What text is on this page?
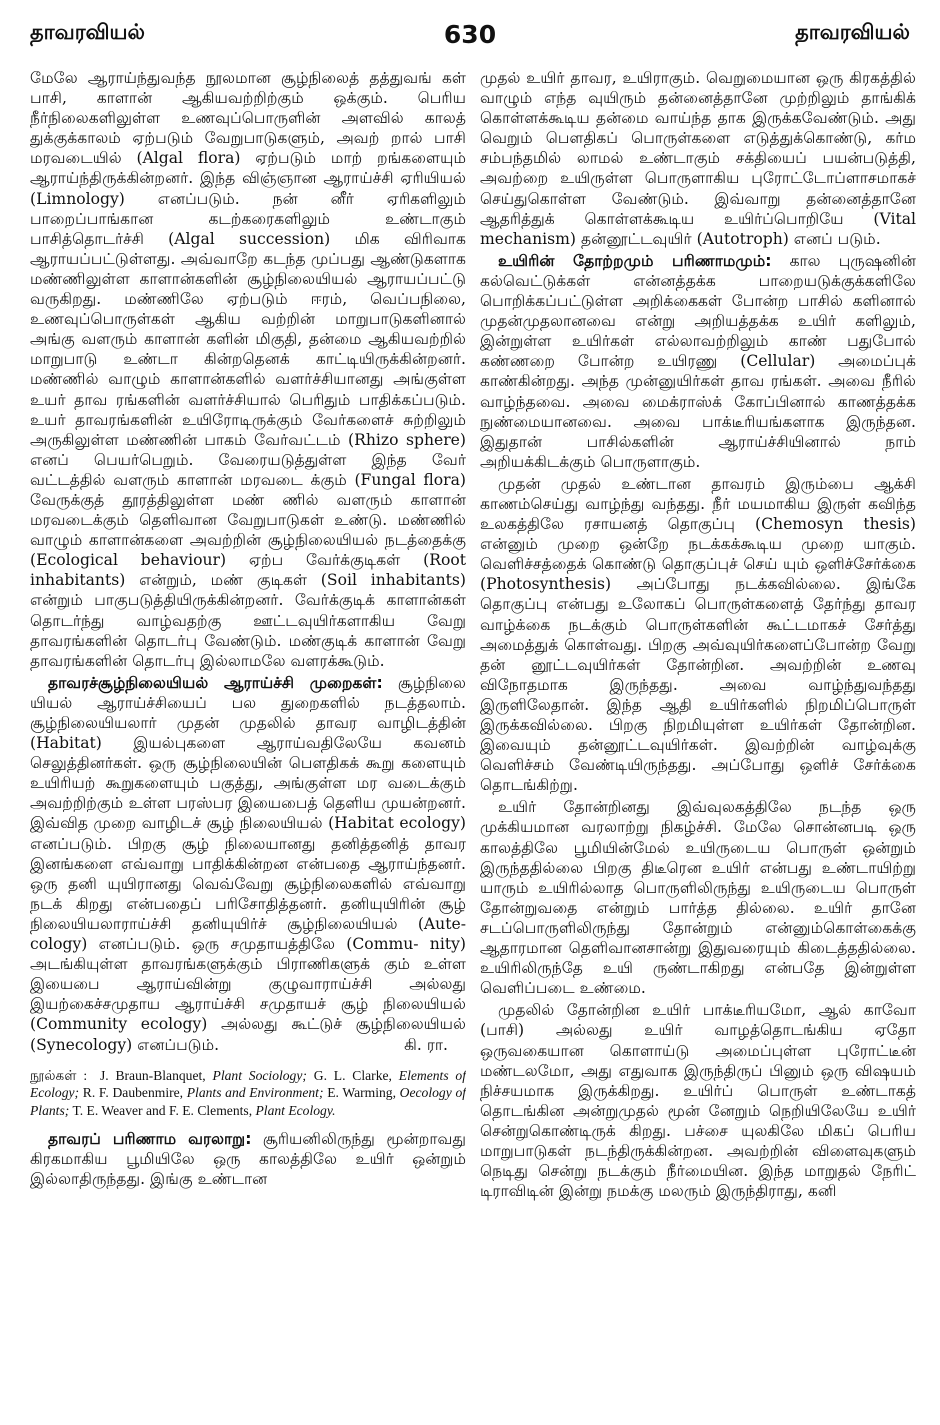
தாவரவியல்	630	தாவரவியல்

மேலே ஆராய்ந்துவந்த நூலமான சூழ்நிலைத் தத்துவங் கள் பாசி, காளான் ஆகியவற்றிற்கும் ஒக்கும். பெரிய நீர்நிலைகளிலுள்ள உணவுப்பொருளின் அளவில் காலத் துக்குக்காலம் ஏற்படும் வேறுபாடுகளும், அவற் றால் பாசி மரவடையில் (Algal flora) ஏற்படும் மாற் றங்களையும் ஆராய்ந்திருக்கின்றனர். இந்த விஞ்ஞான ஆராய்ச்சி ஏரியியல் (Limnology) எனப்படும். நன் னீர் ஏரிகளிலும் பாறைப்பாங்கான கடற்கரைகளிலும் உண்டாகும் பாசித்தொடர்ச்சி (Algal succession) மிக விரிவாக ஆராயப்பட்டுள்ளது. அவ்வாறே கடந்த முப்பது ஆண்டுகளாக மண்ணிலுள்ள காளான்களின் சூழ்நிலையியல் ஆராயப்பட்டு வருகிறது. மண்ணிலே ஏற்படும் ஈரம், வெப்பநிலை, உணவுப்பொருள்கள் ஆகிய வற்றின் மாறுபாடுகளினால் அங்கு வளரும் காளான் களின் மிகுதி, தன்மை ஆகியவற்றில் மாறுபாடு உண்டா கின்றதெனக் காட்டியிருக்கின்றனர். மண்ணில் வாழும் காளான்களில் வளர்ச்சியானது அங்குள்ள உயர் தாவ ரங்களின் வளர்ச்சியால் பெரிதும் பாதிக்கப்படும். உயர் தாவரங்களின் உயிரோடிருக்கும் வேர்களைச் சுற்றிலும் அருகிலுள்ள மண்ணின் பாகம் வேர்வட்டம் (Rhizo sphere) எனப் பெயர்பெறும். வேரையடுத்துள்ள இந்த வேர் வட்டத்தில் வளரும் காளான் மரவடை க்கும் (Fungal flora) வேருக்குத் தூரத்திலுள்ள மண் ணில் வளரும் காளான் மரவடைக்கும் தெளிவான வேறுபாடுகள் உண்டு. மண்ணில் வாழும் காளான்களை அவற்றின் சூழ்நிலையியல் நடத்தைக்கு (Ecological behaviour) ஏற்ப வேர்க்குடிகள் (Root inhabitants) என்றும், மண் குடிகள் (Soil inhabitants) என்றும் பாகுபடுத்தியிருக்கின்றனர். வேர்க்குடிக் காளான்கள் தொடர்ந்து வாழ்வதற்கு ஊட்டவுயிர்களாகிய வேறு தாவரங்களின் தொடர்பு வேண்டும். மண்குடிக் காளான் வேறு தாவரங்களின் தொடர்பு இல்லாமலே வளரக்கூடும்.

தாவரச்சூழ்நிலையியல் ஆராய்ச்சி முறைகள்: சூழ்நிலை யியல் ஆராய்ச்சியைப் பல துறைகளில் நடத்தலாம். சூழ்நிலையியலார் முதன் முதலில் தாவர வாழிடத்தின் (Habitat) இயல்புகளை ஆராய்வதிலேயே கவனம் செலுத்தினர்கள். ஒரு சூழ்நிலையின் பௌதிகக் கூறு களையும் உயிரியற் கூறுகளையும் பகுத்து, அங்குள்ள மர வடைக்கும் அவற்றிற்கும் உள்ள பரஸ்பர இயைபைத் தெளிய முயன்றனர். இவ்வித முறை வாழிடச் சூழ் நிலையியல் (Habitat ecology) எனப்படும். பிறகு சூழ் நிலையானது தனித்தனித் தாவர இனங்களை எவ்வாறு பாதிக்கின்றன என்பதை ஆராய்ந்தனர். ஒரு தனி யுயிரானது வெவ்வேறு சூழ்நிலைகளில் எவ்வாறு நடக் கிறது என்பதைப் பரிசோதித்தனர். தனியுயிரின் சூழ் நிலையியலாராய்ச்சி தனியுயிர்ச் சூழ்நிலையியல் (Aute- cology) எனப்படும். ஒரு சமுதாயத்திலே (Commu- nity) அடங்கியுள்ள தாவரங்களுக்கும் பிராணிகளுக் கும் உள்ள இயைபை ஆராய்வின்று குழுவாராய்ச்சி அல்லது இயற்கைச்சமுதாய ஆராய்ச்சி சமுதாயச் சூழ் நிலையியல் (Community ecology) அல்லது கூட்டுச் சூழ்நிலையியல் (Synecology) எனப்படும்.	கி. ரா.

நூல்கள் : J. Braun-Blanquet, Plant Sociology; G. L. Clarke, Elements of Ecology; R. F. Daubenmire, Plants and Environment; E. Warming, Oecology of Plants; T. E. Weaver and F. E. Clements, Plant Ecology.

தாவரப் பரிணாம வரலாறு: சூரியனிலிருந்து மூன்றாவது கிரகமாகிய பூமியிலே ஒரு காலத்திலே உயிர் ஒன்றும் இல்லாதிருந்தது. இங்கு உண்டான

முதல் உயிர் தாவர, உயிராகும். வெறுமையான ஒரு கிரகத்தில் வாழும் எந்த வுயிரும் தன்னைத்தானே முற்றிலும் தாங்கிக் கொள்ளக்கூடிய தன்மை வாய்ந்த தாக இருக்கவேண்டும். அது வெறும் பௌதிகப் பொருள்களை எடுத்துக்கொண்டு, கர்ம சம்பந்தமில் லாமல் உண்டாகும் சக்தியைப் பயன்படுத்தி, அவற்றை உயிருள்ள பொருளாகிய புரோட்டோப்ளாசமாகச் செய்துகொள்ள வேண்டும். இவ்வாறு தன்னைத்தானே ஆதரித்துக் கொள்ளக்கூடிய உயிர்ப்பொறியே (Vital mechanism) தன்னூட்டவுயிர் (Autotroph) எனப் படும்.

உயிரின் தோற்றமும் பரிணாமமும்: கால புருஷனின் கல்வெட்டுக்கள் என்னத்தக்க பாறையடுக்குக்களிலே பொறிக்கப்பட்டுள்ள அறிக்கைகள் போன்ற பாசில் களினால் முதன்முதலானவை என்று அறியத்தக்க உயிர் களிலும், இன்றுள்ள உயிர்கள் எல்லாவற்றிலும் காண் பதுபோல் கண்ணறை போன்ற உயிரணு (Cellular) அமைப்புக் காண்கின்றது. அந்த முன்னுயிர்கள் தாவ ரங்கள். அவை நீரில் வாழ்ந்தவை. அவை மைக்ராஸ்க் கோப்பினால் காணத்தக்க நுண்மையானவை. அவை பாக்டீரியங்களாக இருந்தன. இதுதான் பாசில்களின் ஆராய்ச்சியினால் நாம் அறியக்கிடக்கும் பொருளாகும்.

முதன் முதல் உண்டான தாவரம் இரும்பை ஆக்சி காணம்செய்து வாழ்ந்து வந்தது. நீர் மயமாகிய இருள் கவிந்த உலகத்திலே ரசாயனத் தொகுப்பு (Chemosyn thesis) என்னும் முறை ஒன்றே நடக்கக்கூடிய முறை யாகும். வெளிச்சத்தைக் கொண்டு தொகுப்புச் செய் யும் ஒளிச்சேர்க்கை (Photosynthesis) அப்போது நடக்கவில்லை. இங்கே தொகுப்பு என்பது உலோகப் பொருள்களைத் தேர்ந்து தாவர வாழ்க்கை நடக்கும் பொருள்களின் கூட்டமாகச் சேர்த்து அமைத்துக் கொள்வது. பிறகு அவ்வுயிர்களைப்போன்ற வேறு தன் னூட்டவுயிர்கள் தோன்றின. அவற்றின் உணவு விநோதமாக இருந்தது. அவை வாழ்ந்துவந்தது இருளிலேதான். இந்த ஆதி உயிர்களில் நிறமிப்பொருள் இருக்கவில்லை. பிறகு நிறமியுள்ள உயிர்கள் தோன்றின. இவையும் தன்னூட்டவுயிர்கள். இவற்றின் வாழ்வுக்கு வெளிச்சம் வேண்டியிருந்தது. அப்போது ஒளிச் சேர்க்கை தொடங்கிற்று.

உயிர் தோன்றினது இவ்வுலகத்திலே நடந்த ஒரு முக்கியமான வரலாற்று நிகழ்ச்சி. மேலே சொன்னபடி ஒரு காலத்திலே பூமியின்மேல் உயிருடைய பொருள் ஒன்றும் இருந்ததில்லை பிறகு திடீரென உயிர் என்பது உண்டாயிற்று யாரும் உயிரில்லாத பொருளிலிருந்து உயிருடைய பொருள் தோன்றுவதை என்றும் பார்த்த தில்லை. உயிர் தானே சடப்பொருளிலிருந்து தோன்றும் என்னும்கொள்கைக்கு ஆதாரமான தெளிவானசான்று இதுவரையும் கிடைத்ததில்லை. உயிரிலிருந்தே உயி ருண்டாகிறது என்பதே இன்றுள்ள வெளிப்படை உண்மை.

முதலில் தோன்றின உயிர் பாக்டீரியமோ, ஆல் காவோ (பாசி) அல்லது உயிர் வாழத்தொடங்கிய ஏதோ ஒருவகையான கொளாய்டு அமைப்புள்ள புரோட்டீன் மண்டலமோ, அது எதுவாக இருந்திருப் பினும் ஒரு விஷயம் நிச்சயமாக இருக்கிறது. உயிர்ப் பொருள் உண்டாகத் தொடங்கின அன்றுமுதல் மூன் னேறும் நெறியிலேயே உயிர் சென்றுகொண்டிருக் கிறது. பச்சை யுலகிலே மிகப் பெரிய மாறுபாடுகள் நடந்திருக்கின்றன. அவற்றின் விளைவுகளும் நெடிது சென்று நடக்கும் நீர்மையின. இந்த மாறுதல் நேரிட் டிராவிடின் இன்று நமக்கு மலரும் இருந்திராது, கனி
